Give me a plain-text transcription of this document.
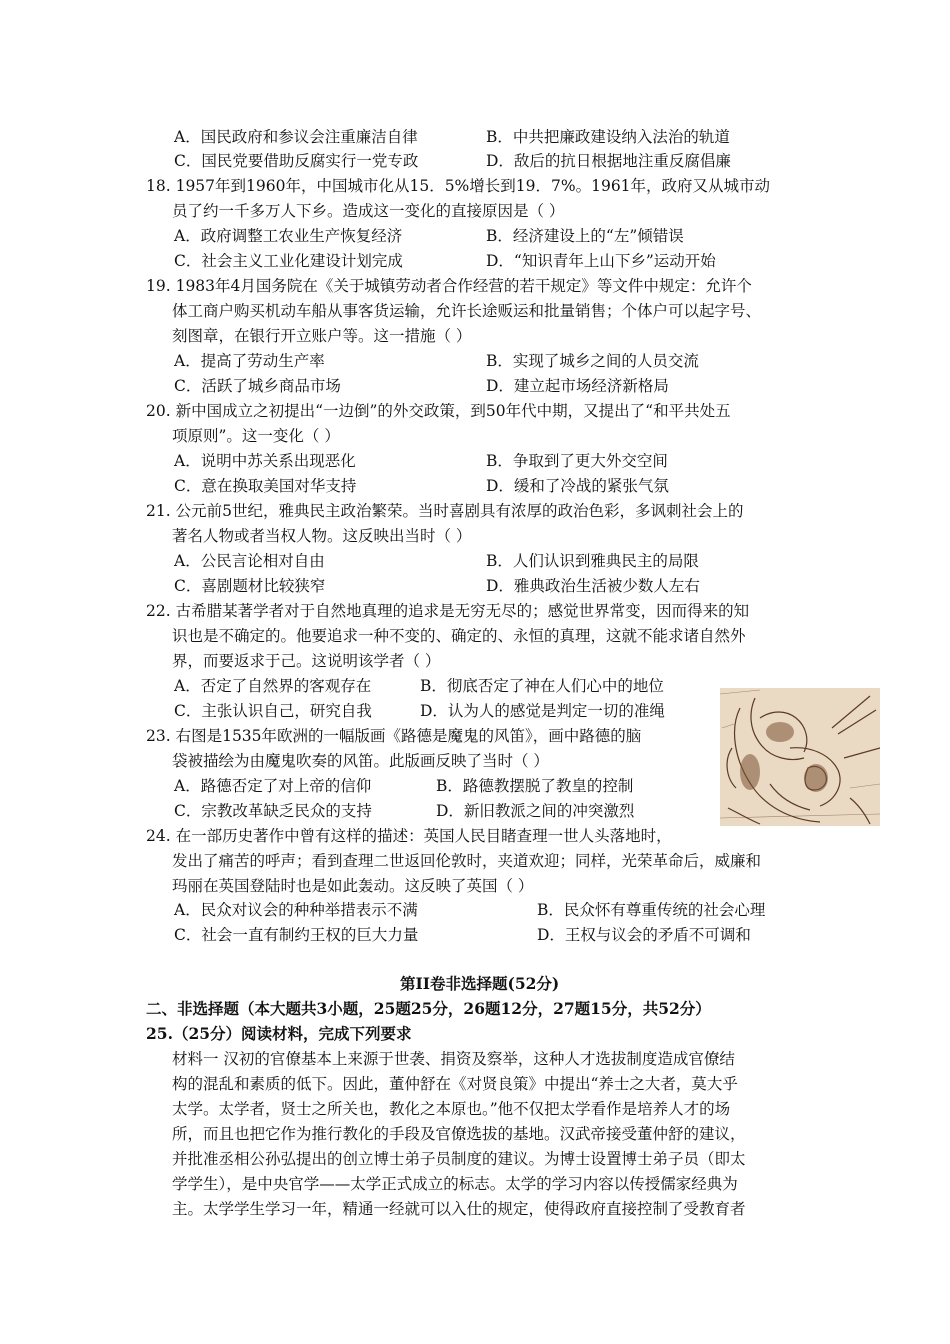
A．国民政府和参议会注重廉洁自律	B．中共把廉政建设纳入法治的轨道
C．国民党要借助反腐实行一党专政	D．敌后的抗日根据地注重反腐倡廉
18. 1957年到1960年，中国城市化从15．5%增长到19．7%。1961年，政府又从城市动
员了约一千多万人下乡。造成这一变化的直接原因是（ ）
A．政府调整工农业生产恢复经济	B．经济建设上的“左”倾错误
C．社会主义工业化建设计划完成	D．“知识青年上山下乡”运动开始
19. 1983年4月国务院在《关于城镇劳动者合作经营的若干规定》等文件中规定：允许个
体工商户购买机动车船从事客货运输，允许长途贩运和批量销售；个体户可以起字号、
刻图章，在银行开立账户等。这一措施（ ）
A．提高了劳动生产率	B．实现了城乡之间的人员交流
C．活跃了城乡商品市场	D．建立起市场经济新格局
20. 新中国成立之初提出“一边倒”的外交政策，到50年代中期，又提出了“和平共处五
项原则”。这一变化（ ）
A．说明中苏关系出现恶化	B．争取到了更大外交空间
C．意在换取美国对华支持	D．缓和了冷战的紧张气氛
21. 公元前5世纪，雅典民主政治繁荣。当时喜剧具有浓厚的政治色彩，多讽刺社会上的
著名人物或者当权人物。这反映出当时（ ）
A．公民言论相对自由	B．人们认识到雅典民主的局限
C．喜剧题材比较狭窄	D．雅典政治生活被少数人左右
22. 古希腊某著学者对于自然地真理的追求是无穷无尽的；感觉世界常变，因而得来的知
识也是不确定的。他要追求一种不变的、确定的、永恒的真理，这就不能求诸自然外
界，而要返求于己。这说明该学者（ ）
A．否定了自然界的客观存在	B．彻底否定了神在人们心中的地位
C．主张认识自己，研究自我	D．认为人的感觉是判定一切的准绳
23. 右图是1535年欧洲的一幅版画《路德是魔鬼的风笛》，画中路德的脑
袋被描绘为由魔鬼吹奏的风笛。此版画反映了当时（ ）
A．路德否定了对上帝的信仰	B．路德教摆脱了教皇的控制
C．宗教改革缺乏民众的支持	D．新旧教派之间的冲突激烈
24. 在一部历史著作中曾有这样的描述：英国人民目睹查理一世人头落地时，
发出了痛苦的呼声；看到查理二世返回伦敦时，夹道欢迎；同样，光荣革命后，威廉和
玛丽在英国登陆时也是如此轰动。这反映了英国（ ）
A．民众对议会的种种举措表示不满	B．民众怀有尊重传统的社会心理
C．社会一直有制约王权的巨大力量	D．王权与议会的矛盾不可调和
第II卷非选择题(52分)
二、非选择题（本大题共3小题，25题25分，26题12分，27题15分，共52分）
25.（25分）阅读材料，完成下列要求
材料一 汉初的官僚基本上来源于世袭、捐资及察举，这种人才选拔制度造成官僚结
构的混乱和素质的低下。因此，董仲舒在《对贤良策》中提出“养士之大者，莫大乎
太学。太学者，贤士之所关也，教化之本原也。”他不仅把太学看作是培养人才的场
所，而且也把它作为推行教化的手段及官僚选拔的基地。汉武帝接受董仲舒的建议，
并批准丞相公孙弘提出的创立博士弟子员制度的建议。为博士设置博士弟子员（即太
学学生），是中央官学——太学正式成立的标志。太学的学习内容以传授儒家经典为
主。太学学生学习一年，精通一经就可以入仕的规定，使得政府直接控制了受教育者
